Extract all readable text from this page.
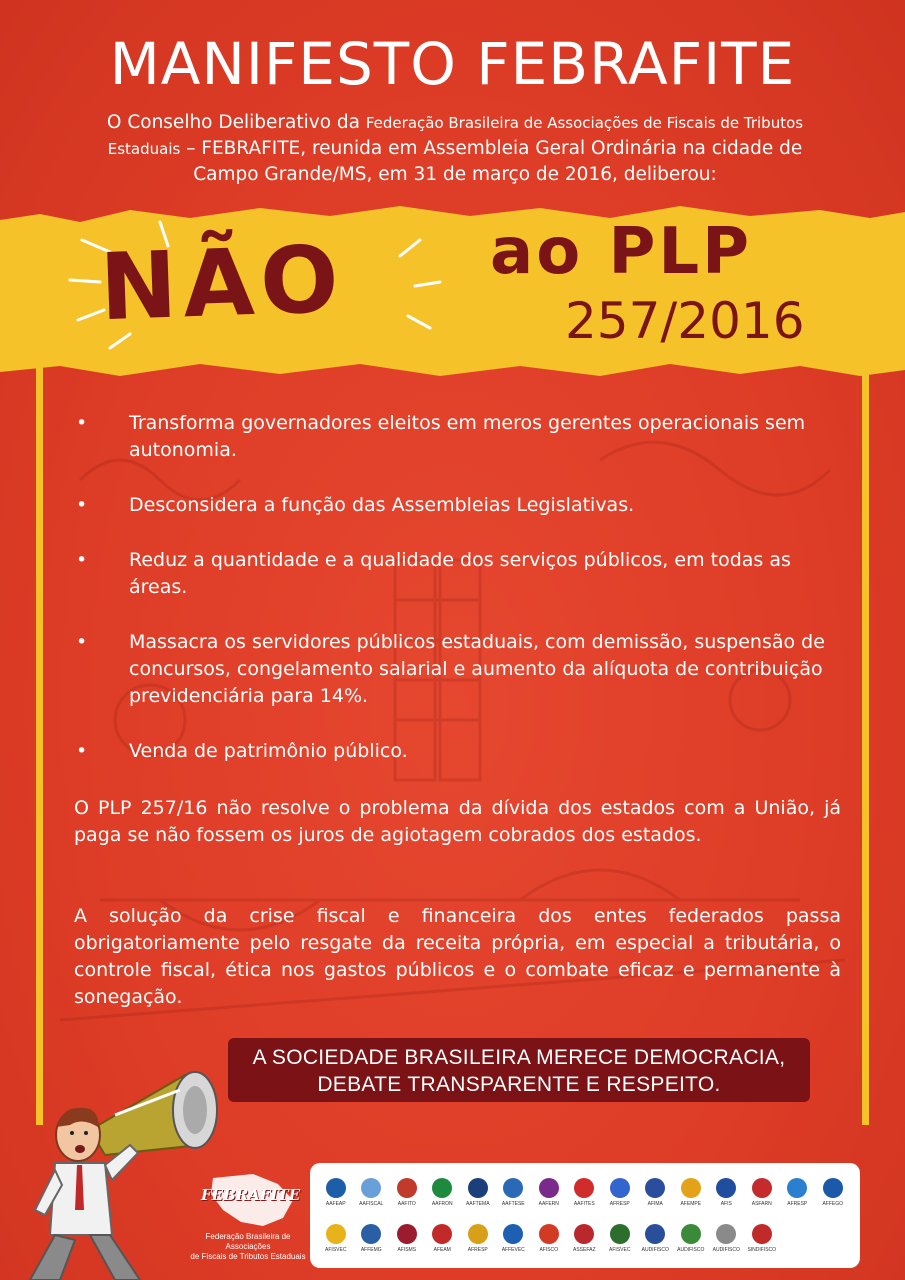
MANIFESTO FEBRAFITE
O Conselho Deliberativo da Federação Brasileira de Associações de Fiscais de Tributos Estaduais – FEBRAFITE, reunida em Assembleia Geral Ordinária na cidade de Campo Grande/MS, em 31 de março de 2016, deliberou:
NÃO ao PLP
257/2016
• Transforma governadores eleitos em meros gerentes operacionais sem autonomia.
• Desconsidera a função das Assembleias Legislativas.
• Reduz a quantidade e a qualidade dos serviços públicos, em todas as áreas.
• Massacra os servidores públicos estaduais, com demissão, suspensão de concursos, congelamento salarial e aumento da alíquota de contribuição previdenciária para 14%.
• Venda de patrimônio público.

O PLP 257/16 não resolve o problema da dívida dos estados com a União, já paga se não fossem os juros de agiotagem cobrados dos estados.

A solução da crise fiscal e financeira dos entes federados passa obrigatoriamente pelo resgate da receita própria, em especial a tributária, o controle fiscal, ética nos gastos públicos e o combate eficaz e permanente à sonegação.

A SOCIEDADE BRASILEIRA MERECE DEMOCRACIA,
DEBATE TRANSPARENTE E RESPEITO.
FEBRAFITE
Federação Brasileira de Associações
de Fiscais de Tributos Estaduais
AAFEAP	AAFISCAL	AAFITO	AAFRON	AAFTEMA AAFTESE	AAFERN	AAFITES	AFRESP	AFIMA	AFEMPE	AFIS	ASFARN	AFRESP	AFFEGO
AFISVEC	AFFEMG	AFISMS	AFEAM	AFRESP	AFFEVEC	AFISCO	ASSEFAZ	AFISVEC AUDIFISCO AUDIFISCO AUDIFISCO SINDIFISCO
